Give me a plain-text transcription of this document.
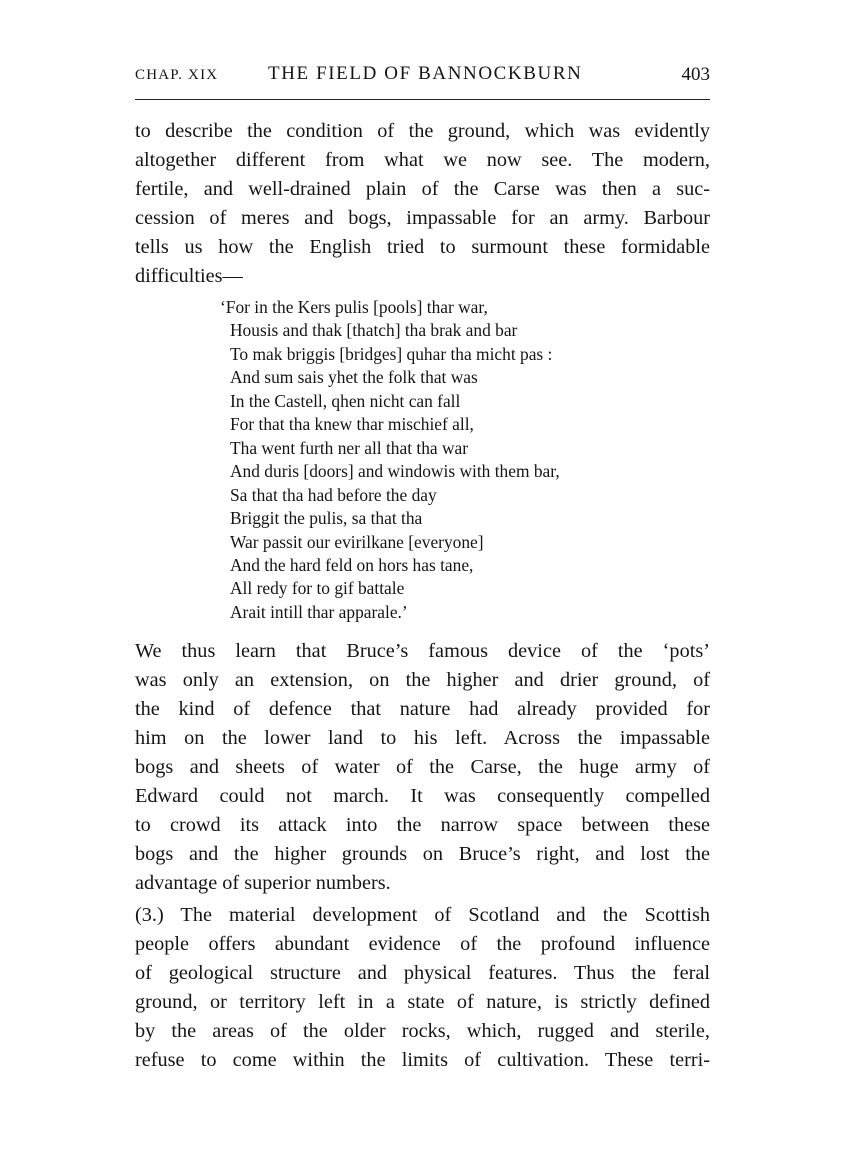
CHAP. XIX	THE FIELD OF BANNOCKBURN	403
to describe the condition of the ground, which was evidently
altogether different from what we now see. The modern,
fertile, and well-drained plain of the Carse was then a suc-
cession of meres and bogs, impassable for an army. Barbour
tells us how the English tried to surmount these formidable
difficulties—
‘For in the Kers pulis [pools] thar war,
Housis and thak [thatch] tha brak and bar
To mak briggis [bridges] quhar tha micht pas :
And sum sais yhet the folk that was
In the Castell, qhen nicht can fall
For that tha knew thar mischief all,
Tha went furth ner all that tha war
And duris [doors] and windowis with them bar,
Sa that tha had before the day
Briggit the pulis, sa that tha
War passit our evirilkane [everyone]
And the hard feld on hors has tane,
All redy for to gif battale
Arait intill thar apparale.’
We thus learn that Bruce’s famous device of the ‘pots’
was only an extension, on the higher and drier ground, of
the kind of defence that nature had already provided for
him on the lower land to his left. Across the impassable
bogs and sheets of water of the Carse, the huge army of
Edward could not march. It was consequently compelled
to crowd its attack into the narrow space between these
bogs and the higher grounds on Bruce’s right, and lost the
advantage of superior numbers.
(3.) The material development of Scotland and the Scottish
people offers abundant evidence of the profound influence
of geological structure and physical features. Thus the feral
ground, or territory left in a state of nature, is strictly defined
by the areas of the older rocks, which, rugged and sterile,
refuse to come within the limits of cultivation. These terri-
